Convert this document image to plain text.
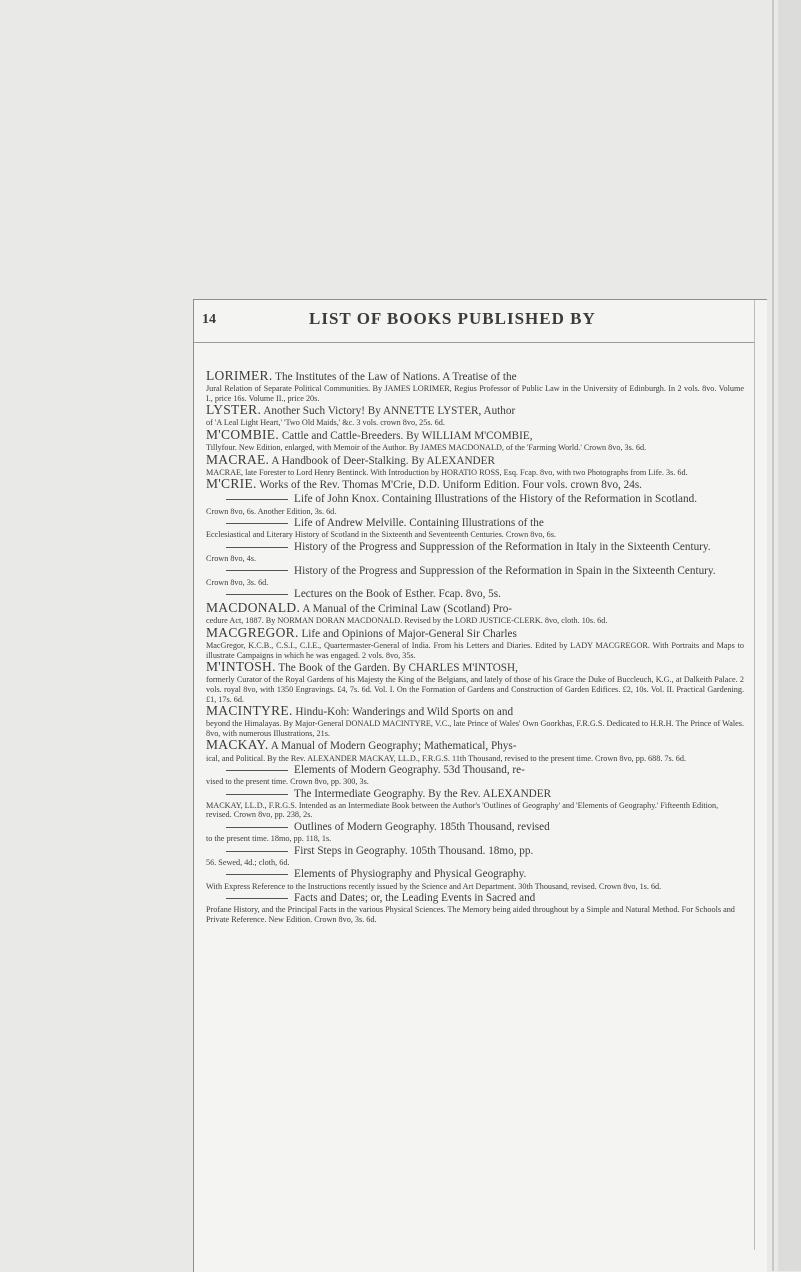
14	LIST OF BOOKS PUBLISHED BY

LORIMER. The Institutes of the Law of Nations. A Treatise of the
Jural Relation of Separate Political Communities. By JAMES LORIMER, Regius Professor of Public Law in the University of Edinburgh. In 2 vols. 8vo. Volume I., price 16s. Volume II., price 20s.

LYSTER. Another Such Victory! By ANNETTE LYSTER, Author
of 'A Leal Light Heart,' 'Two Old Maids,' &c. 3 vols. crown 8vo, 25s. 6d.

M'COMBIE. Cattle and Cattle-Breeders. By WILLIAM M'COMBIE,
Tillyfour. New Edition, enlarged, with Memoir of the Author. By JAMES MACDONALD, of the 'Farming World.' Crown 8vo, 3s. 6d.

MACRAE. A Handbook of Deer-Stalking. By ALEXANDER
MACRAE, late Forester to Lord Henry Bentinck. With Introduction by HORATIO ROSS, Esq. Fcap. 8vo, with two Photographs from Life. 3s. 6d.

M'CRIE. Works of the Rev. Thomas M'Crie, D.D. Uniform Edition. Four vols. crown 8vo, 24s.

Life of John Knox. Containing Illustrations of the History of the Reformation in Scotland.
Crown 8vo, 6s. Another Edition, 3s. 6d.

Life of Andrew Melville. Containing Illustrations of the
Ecclesiastical and Literary History of Scotland in the Sixteenth and Seventeenth Centuries. Crown 8vo, 6s.

History of the Progress and Suppression of the Reformation in Italy in the Sixteenth Century.
Crown 8vo, 4s.

History of the Progress and Suppression of the Reformation in Spain in the Sixteenth Century.
Crown 8vo, 3s. 6d.

Lectures on the Book of Esther. Fcap. 8vo, 5s.

MACDONALD. A Manual of the Criminal Law (Scotland) Pro-
cedure Act, 1887. By NORMAN DORAN MACDONALD. Revised by the LORD JUSTICE-CLERK. 8vo, cloth. 10s. 6d.

MACGREGOR. Life and Opinions of Major-General Sir Charles
MacGregor, K.C.B., C.S.I., C.I.E., Quartermaster-General of India. From his Letters and Diaries. Edited by LADY MACGREGOR. With Portraits and Maps to illustrate Campaigns in which he was engaged. 2 vols. 8vo, 35s.

M'INTOSH. The Book of the Garden. By CHARLES M'INTOSH,
formerly Curator of the Royal Gardens of his Majesty the King of the Belgians, and lately of those of his Grace the Duke of Buccleuch, K.G., at Dalkeith Palace. 2 vols. royal 8vo, with 1350 Engravings. £4, 7s. 6d. Vol. I. On the Formation of Gardens and Construction of Garden Edifices. £2, 10s. Vol. II. Practical Gardening. £1, 17s. 6d.

MACINTYRE. Hindu-Koh: Wanderings and Wild Sports on and
beyond the Himalayas. By Major-General DONALD MACINTYRE, V.C., late Prince of Wales' Own Goorkhas, F.R.G.S. Dedicated to H.R.H. The Prince of Wales. 8vo, with numerous Illustrations, 21s.

MACKAY. A Manual of Modern Geography; Mathematical, Phys-
ical, and Political. By the Rev. ALEXANDER MACKAY, LL.D., F.R.G.S. 11th Thousand, revised to the present time. Crown 8vo, pp. 688. 7s. 6d.

Elements of Modern Geography. 53d Thousand, re-
vised to the present time. Crown 8vo, pp. 300, 3s.

The Intermediate Geography. By the Rev. ALEXANDER
MACKAY, LL.D., F.R.G.S. Intended as an Intermediate Book between the Author's 'Outlines of Geography' and 'Elements of Geography.' Fifteenth Edition, revised. Crown 8vo, pp. 238, 2s.

Outlines of Modern Geography. 185th Thousand, revised
to the present time. 18mo, pp. 118, 1s.

First Steps in Geography. 105th Thousand. 18mo, pp.
56. Sewed, 4d.; cloth, 6d.

Elements of Physiography and Physical Geography.
With Express Reference to the Instructions recently issued by the Science and Art Department. 30th Thousand, revised. Crown 8vo, 1s. 6d.

Facts and Dates; or, the Leading Events in Sacred and
Profane History, and the Principal Facts in the various Physical Sciences. The Memory being aided throughout by a Simple and Natural Method. For Schools and Private Reference. New Edition. Crown 8vo, 3s. 6d.
